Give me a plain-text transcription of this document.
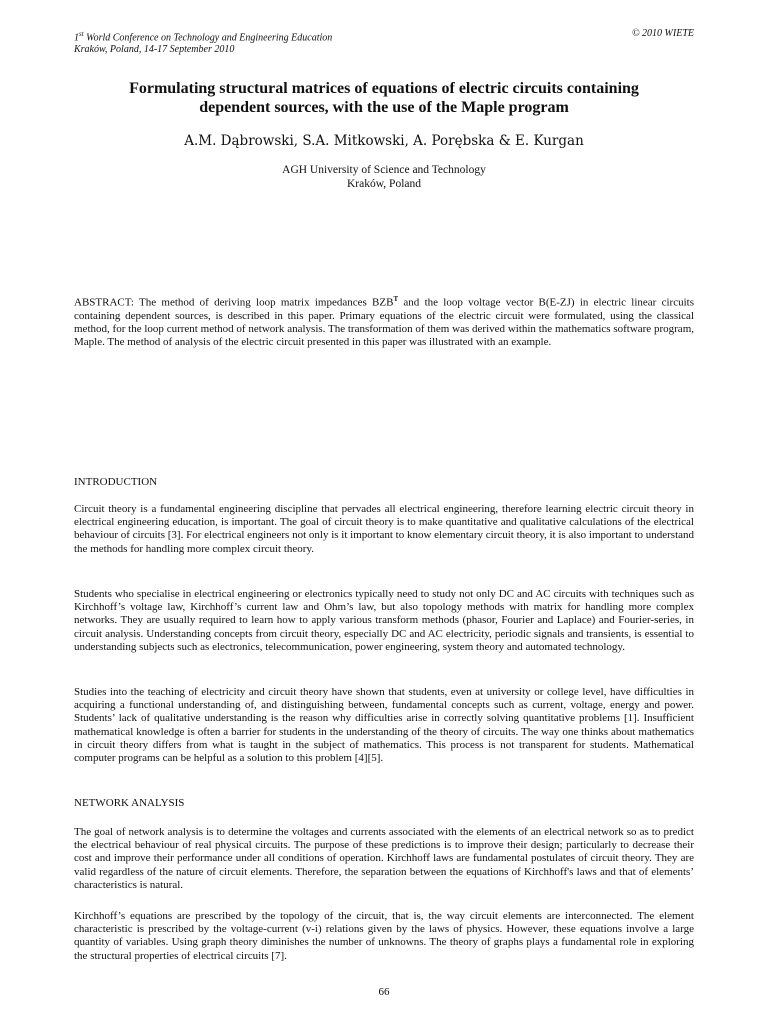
1st World Conference on Technology and Engineering Education
Kraków, Poland, 14-17 September 2010
© 2010 WIETE
Formulating structural matrices of equations of electric circuits containing
dependent sources, with the use of the Maple program
A.M. Dąbrowski, S.A. Mitkowski, A. Porębska & E. Kurgan
AGH University of Science and Technology
Kraków, Poland

ABSTRACT: The method of deriving loop matrix impedances $BZB^T$ and the loop voltage vector B(E-ZJ) in electric linear circuits containing dependent sources, is described in this paper. Primary equations of the electric circuit were formulated, using the classical method, for the loop current method of network analysis. The transformation of them was derived within the mathematics software program, Maple. The method of analysis of the electric circuit presented in this paper was illustrated with an example.

INTRODUCTION

Circuit theory is a fundamental engineering discipline that pervades all electrical engineering, therefore learning electric circuit theory in electrical engineering education, is important. The goal of circuit theory is to make quantitative and qualitative calculations of the electrical behaviour of circuits [3]. For electrical engineers not only is it important to know elementary circuit theory, it is also important to understand the methods for handling more complex circuit theory.

Students who specialise in electrical engineering or electronics typically need to study not only DC and AC circuits with techniques such as Kirchhoff’s voltage law, Kirchhoff’s current law and Ohm’s law, but also topology methods with matrix for handling more complex networks. They are usually required to learn how to apply various transform methods (phasor, Fourier and Laplace) and Fourier-series, in circuit analysis. Understanding concepts from circuit theory, especially DC and AC electricity, periodic signals and transients, is essential to understanding subjects such as electronics, telecommunication, power engineering, system theory and automated technology.

Studies into the teaching of electricity and circuit theory have shown that students, even at university or college level, have difficulties in acquiring a functional understanding of, and distinguishing between, fundamental concepts such as current, voltage, energy and power. Students’ lack of qualitative understanding is the reason why difficulties arise in correctly solving quantitative problems [1]. Insufficient mathematical knowledge is often a barrier for students in the understanding of the theory of circuits. The way one thinks about mathematics in circuit theory differs from what is taught in the subject of mathematics. This process is not transparent for students. Mathematical computer programs can be helpful as a solution to this problem [4][5].

NETWORK ANALYSIS

The goal of network analysis is to determine the voltages and currents associated with the elements of an electrical network so as to predict the electrical behaviour of real physical circuits. The purpose of these predictions is to improve their design; particularly to decrease their cost and improve their performance under all conditions of operation. Kirchhoff laws are fundamental postulates of circuit theory. They are valid regardless of the nature of circuit elements. Therefore, the separation between the equations of Kirchhoff's laws and that of elements’ characteristics is natural.

Kirchhoff’s equations are prescribed by the topology of the circuit, that is, the way circuit elements are interconnected. The element characteristic is prescribed by the voltage-current (v-i) relations given by the laws of physics. However, these equations involve a large quantity of variables. Using graph theory diminishes the number of unknowns. The theory of graphs plays a fundamental role in exploring the structural properties of electrical circuits [7].

66
